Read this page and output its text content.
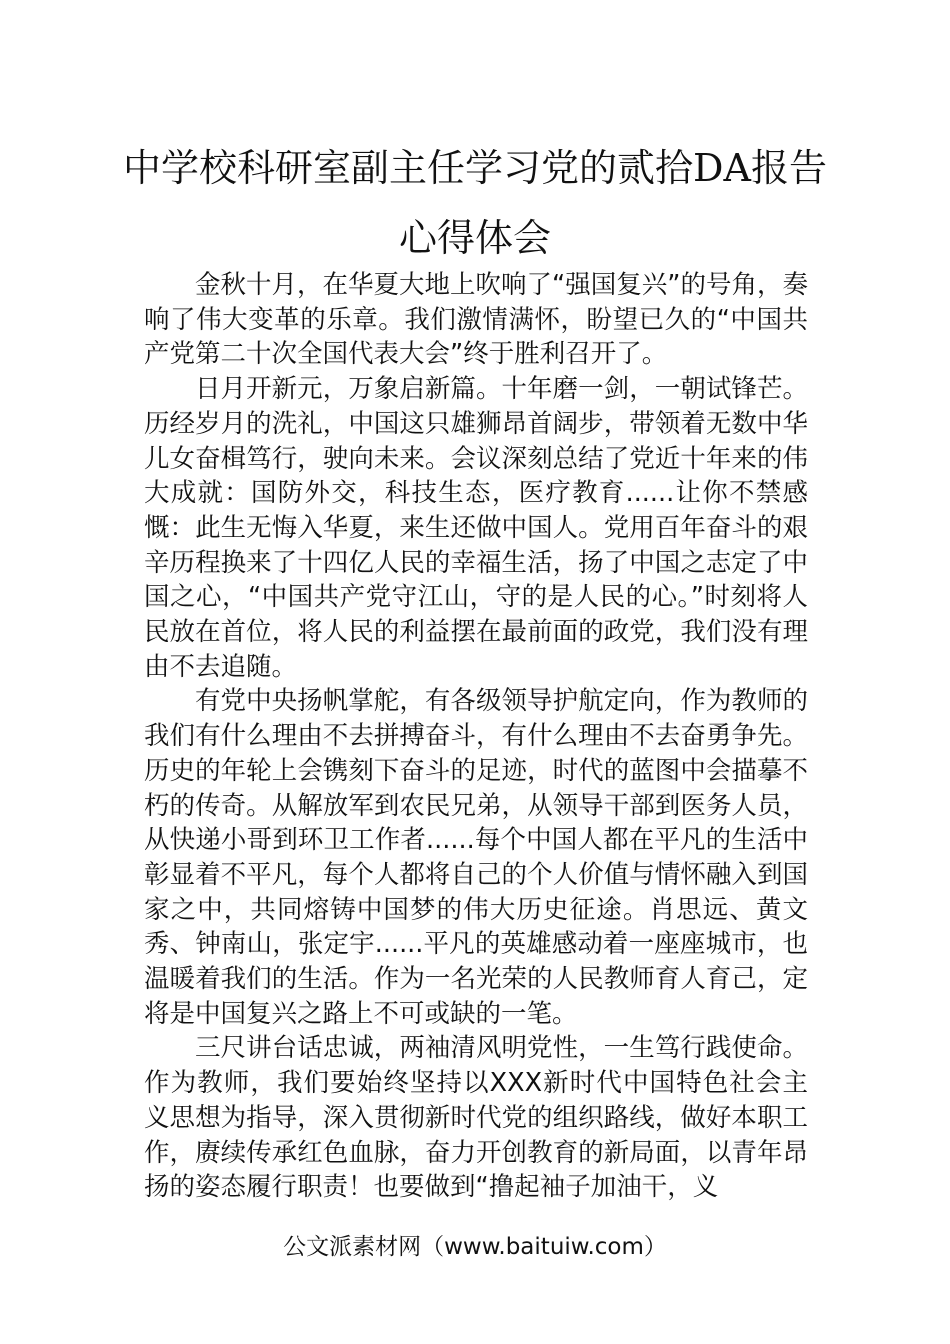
中学校科研室副主任学习党的贰拾DA报告
心得体会

金秋十月，在华夏大地上吹响了“强国复兴”的号角，奏响了伟大变革的乐章。我们激情满怀，盼望已久的“中国共产党第二十次全国代表大会”终于胜利召开了。

日月开新元，万象启新篇。十年磨一剑，一朝试锋芒。历经岁月的洗礼，中国这只雄狮昂首阔步，带领着无数中华儿女奋楫笃行，驶向未来。会议深刻总结了党近十年来的伟大成就：国防外交，科技生态，医疗教育......让你不禁感慨：此生无悔入华夏，来生还做中国人。党用百年奋斗的艰辛历程换来了十四亿人民的幸福生活，扬了中国之志定了中国之心，“中国共产党守江山，守的是人民的心。”时刻将人民放在首位，将人民的利益摆在最前面的政党，我们没有理由不去追随。

有党中央扬帆掌舵，有各级领导护航定向，作为教师的我们有什么理由不去拼搏奋斗，有什么理由不去奋勇争先。历史的年轮上会镌刻下奋斗的足迹，时代的蓝图中会描摹不朽的传奇。从解放军到农民兄弟，从领导干部到医务人员，从快递小哥到环卫工作者......每个中国人都在平凡的生活中彰显着不平凡，每个人都将自己的个人价值与情怀融入到国家之中，共同熔铸中国梦的伟大历史征途。肖思远、黄文秀、钟南山，张定宇......平凡的英雄感动着一座座城市，也温暖着我们的生活。作为一名光荣的人民教师育人育己，定将是中国复兴之路上不可或缺的一笔。

三尺讲台话忠诚，两袖清风明党性，一生笃行践使命。作为教师，我们要始终坚持以XXX新时代中国特色社会主义思想为指导，深入贯彻新时代党的组织路线，做好本职工作，赓续传承红色血脉，奋力开创教育的新局面，以青年昂扬的姿态履行职责！也要做到“撸起袖子加油干，义

公文派素材网（www.baituiw.com）
